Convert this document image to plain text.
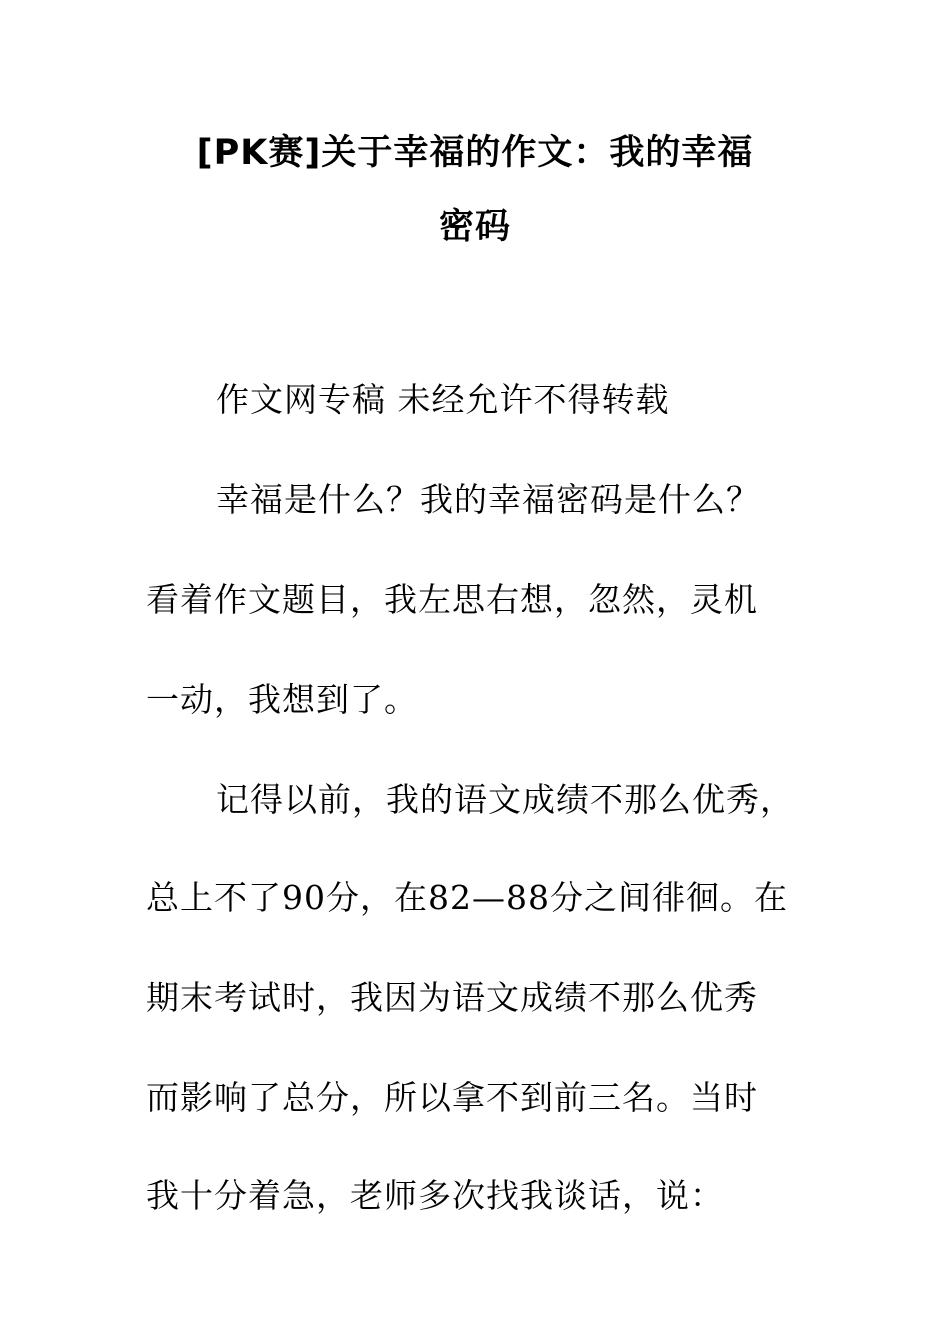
[PK赛]关于幸福的作文：我的幸福
密码
作文网专稿 未经允许不得转载
幸福是什么？我的幸福密码是什么？
看着作文题目，我左思右想，忽然，灵机
一动，我想到了。
记得以前，我的语文成绩不那么优秀，
总上不了90分，在82—88分之间徘徊。在
期末考试时，我因为语文成绩不那么优秀
而影响了总分，所以拿不到前三名。当时
我十分着急，老师多次找我谈话，说：
